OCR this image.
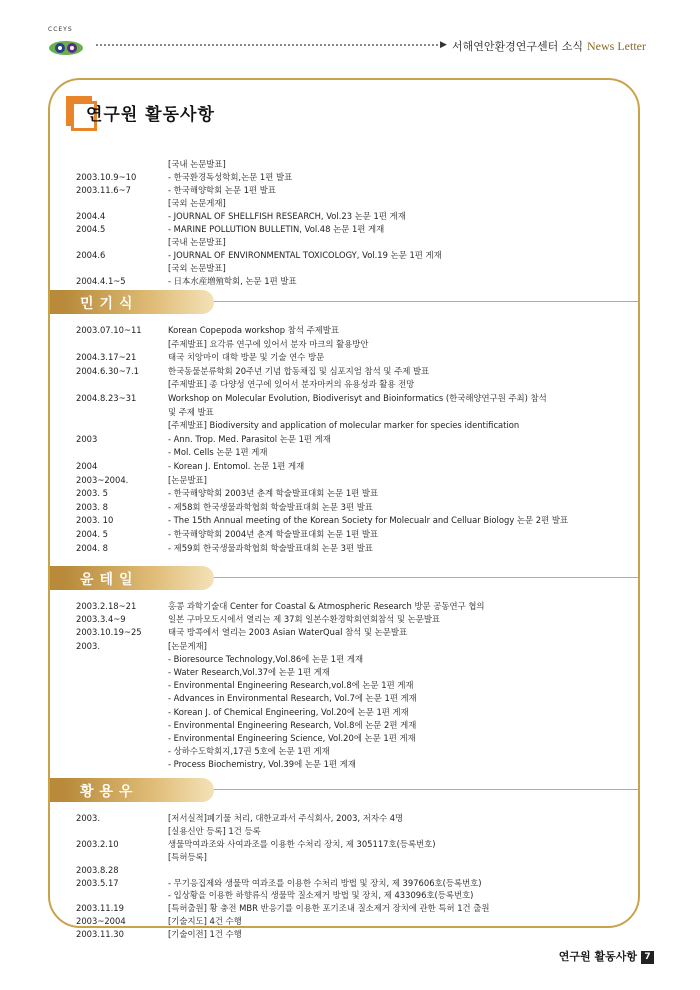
CCEYS
▶ 서해연안환경연구센터 소식 News Letter
연구원 활동사항
[국내 논문발표]
2003.10.9~10	- 한국환경독성학회,논문 1편 발표
2003.11.6~7	- 한국해양학회 논문 1편 발표
[국외 논문게재]
2004.4	- JOURNAL OF SHELLFISH RESEARCH, Vol.23 논문 1편 게재
2004.5	- MARINE POLLUTION BULLETIN, Vol.48 논문 1편 게재
[국내 논문발표]
2004.6	- JOURNAL OF ENVIRONMENTAL TOXICOLOGY, Vol.19 논문 1편 게재
[국외 논문발표]
2004.4.1~5	- 日本水産増殖학회, 논문 1편 발표
민기식
2003.07.10~11	Korean Copepoda workshop 참석 주제발표
[주제발표] 요각류 연구에 있어서 분자 마크의 활용방안
2004.3.17~21	태국 치앙마이 대학 방문 및 기술 연수 방문
2004.6.30~7.1	한국동물분류학회 20주년 기념 합동채집 및 심포지엄 참석 및 주제 발표
[주제발표] 종 다양성 연구에 있어서 분자마커의 유용성과 활용 전망
2004.8.23~31	Workshop on Molecular Evolution, Biodiverisyt and Bioinformatics (한국해양연구원 주최) 참석
및 주제 발표
[주제발표] Biodiversity and application of molecular marker for species identification
2003	- Ann. Trop. Med. Parasitol 논문 1편 게재
- Mol. Cells 논문 1편 게재
2004	- Korean J. Entomol. 논문 1편 게재
2003~2004.	[논문발표]
2003. 5	- 한국해양학회 2003년 춘계 학술발표대회 논문 1편 발표
2003. 8	- 제58회 한국생물과학협회 학술발표대회 논문 3편 발표
2003. 10	- The 15th Annual meeting of the Korean Society for Molecualr and Celluar Biology 논문 2편 발표
2004. 5	- 한국해양학회 2004년 춘계 학술발표대회 논문 1편 발표
2004. 8	- 제59회 한국생물과학협회 학술발표대회 논문 3편 발표
윤테일
2003.2.18~21	홍콩 과학기술대 Center for Coastal & Atmospheric Research 방문 공동연구 협의
2003.3.4~9	일본 구마모도시에서 열리는 제 37회 일본수환경학회연회참석 및 논문발표
2003.10.19~25	태국 방콕에서 열리는 2003 Asian WaterQual 참석 및 논문발표
2003.	[논문게재]
- Bioresource Technology,Vol.86에 논문 1편 게재
- Water Research,Vol.37에 논문 1편 게재
- Environmental Engineering Research,vol.8에 논문 1편 게재
- Advances in Environmental Research, Vol.7에 논문 1편 게재
- Korean J. of Chemical Engineering, Vol.20에 논문 1편 게재
- Environmental Engineering Research, Vol.8에 논문 2편 게재
- Environmental Engineering Science, Vol.20에 논문 1편 게재
- 상하수도학회지,17권 5호에 논문 1편 게재
- Process Biochemistry, Vol.39에 논문 1편 게재
황용우
2003.	[저서실적]폐기물 처리, 대한교과서 주식회사, 2003, 저자수 4명
[실용신안 등록] 1건 등록
2003.2.10	생물막여과조와 사여과조를 이용한 수처리 장치, 제 305117호(등록번호)
[특허등록]
2003.8.28
2003.5.17	- 무기응집제와 생물막 여과조를 이용한 수처리 방법 및 장치, 제 397606호(등록번호)
- 입상황을 이용한 하향류식 생물막 질소제거 방법 및 장치, 제 433096호(등록번호)
2003.11.19	[특허출원] 황 충전 MBR 반응기를 이용한 포기조내 질소제거 장치에 관한 특허 1건 출원
2003~2004	[기술지도] 4건 수행
2003.11.30	[기술이전] 1건 수행
연구원 활동사항 7
